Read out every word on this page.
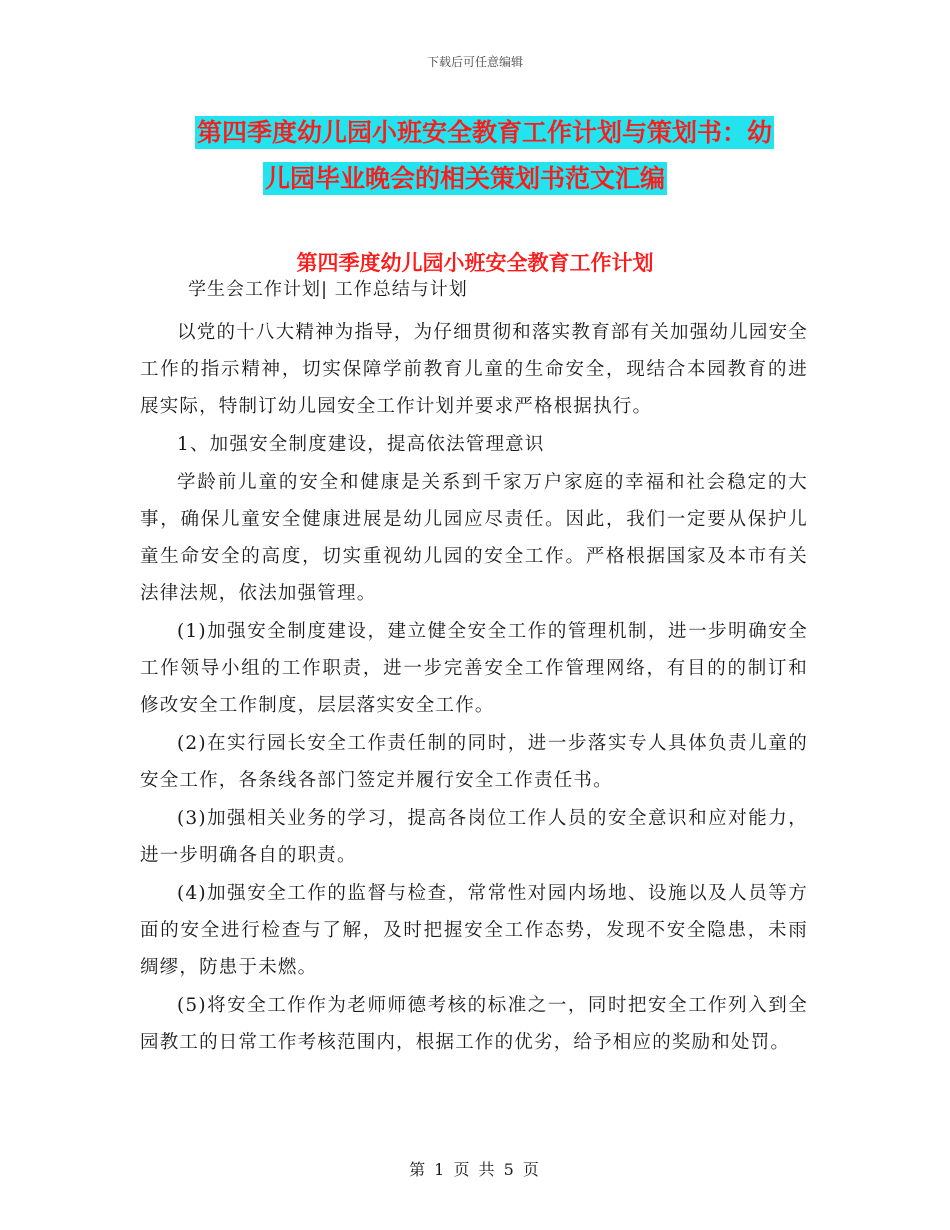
下载后可任意编辑
第四季度幼儿园小班安全教育工作计划与策划书：幼
儿园毕业晚会的相关策划书范文汇编
第四季度幼儿园小班安全教育工作计划
学生会工作计划| 工作总结与计划

以党的十八大精神为指导，为仔细贯彻和落实教育部有关加强幼儿园安全工作的指示精神，切实保障学前教育儿童的生命安全，现结合本园教育的进展实际，特制订幼儿园安全工作计划并要求严格根据执行。

1、加强安全制度建设，提高依法管理意识

学龄前儿童的安全和健康是关系到千家万户家庭的幸福和社会稳定的大事，确保儿童安全健康进展是幼儿园应尽责任。因此，我们一定要从保护儿童生命安全的高度，切实重视幼儿园的安全工作。严格根据国家及本市有关法律法规，依法加强管理。

(1)加强安全制度建设，建立健全安全工作的管理机制，进一步明确安全工作领导小组的工作职责，进一步完善安全工作管理网络，有目的的制订和修改安全工作制度，层层落实安全工作。

(2)在实行园长安全工作责任制的同时，进一步落实专人具体负责儿童的安全工作，各条线各部门签定并履行安全工作责任书。

(3)加强相关业务的学习，提高各岗位工作人员的安全意识和应对能力，进一步明确各自的职责。

(4)加强安全工作的监督与检查，常常性对园内场地、设施以及人员等方面的安全进行检查与了解，及时把握安全工作态势，发现不安全隐患，未雨绸缪，防患于未燃。

(5)将安全工作作为老师师德考核的标准之一，同时把安全工作列入到全园教工的日常工作考核范围内，根据工作的优劣，给予相应的奖励和处罚。

第 1 页 共 5 页
